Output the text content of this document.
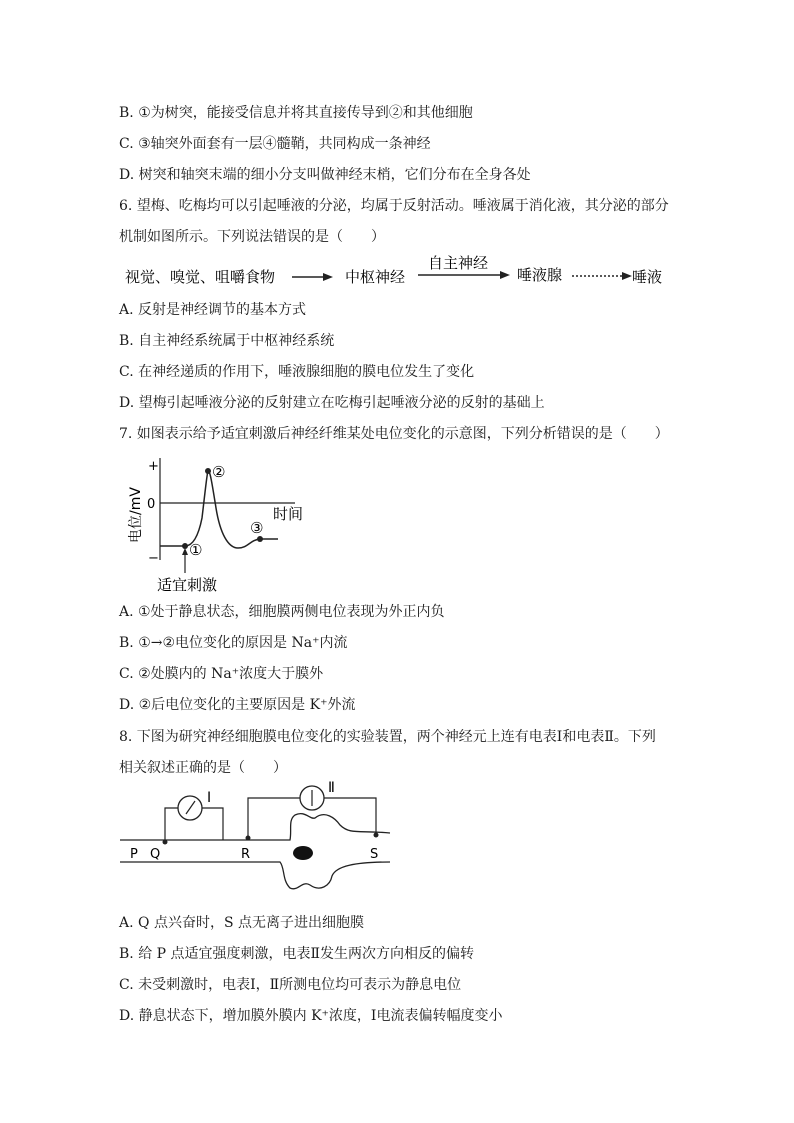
B. ①为树突，能接受信息并将其直接传导到②和其他细胞
C. ③轴突外面套有一层④髓鞘，共同构成一条神经
D. 树突和轴突末端的细小分支叫做神经末梢，它们分布在全身各处
6. 望梅、吃梅均可以引起唾液的分泌，均属于反射活动。唾液属于消化液，其分泌的部分
机制如图所示。下列说法错误的是（　　）
视觉、嗅觉、咀嚼食物	中枢神经
自主神经
唾液腺	唾液
A. 反射是神经调节的基本方式
B. 自主神经系统属于中枢神经系统
C. 在神经递质的作用下，唾液腺细胞的膜电位发生了变化
D. 望梅引起唾液分泌的反射建立在吃梅引起唾液分泌的反射的基础上
7. 如图表示给予适宜刺激后神经纤维某处电位变化的示意图，下列分析错误的是（　　）
电位/mV
+
0
−
时间
①
②
③
适宜刺激
A. ①处于静息状态，细胞膜两侧电位表现为外正内负
B. ①→②电位变化的原因是 Na⁺内流
C. ②处膜内的 Na⁺浓度大于膜外
D. ②后电位变化的主要原因是 K⁺外流
8. 下图为研究神经细胞膜电位变化的实验装置，两个神经元上连有电表Ⅰ和电表Ⅱ。下列
相关叙述正确的是（　　）
I
Ⅱ
P Q	R	S
A. Q 点兴奋时，S 点无离子进出细胞膜
B. 给 P 点适宜强度刺激，电表Ⅱ发生两次方向相反的偏转
C. 未受刺激时，电表Ⅰ，Ⅱ所测电位均可表示为静息电位
D. 静息状态下，增加膜外膜内 K⁺浓度，Ⅰ电流表偏转幅度变小
